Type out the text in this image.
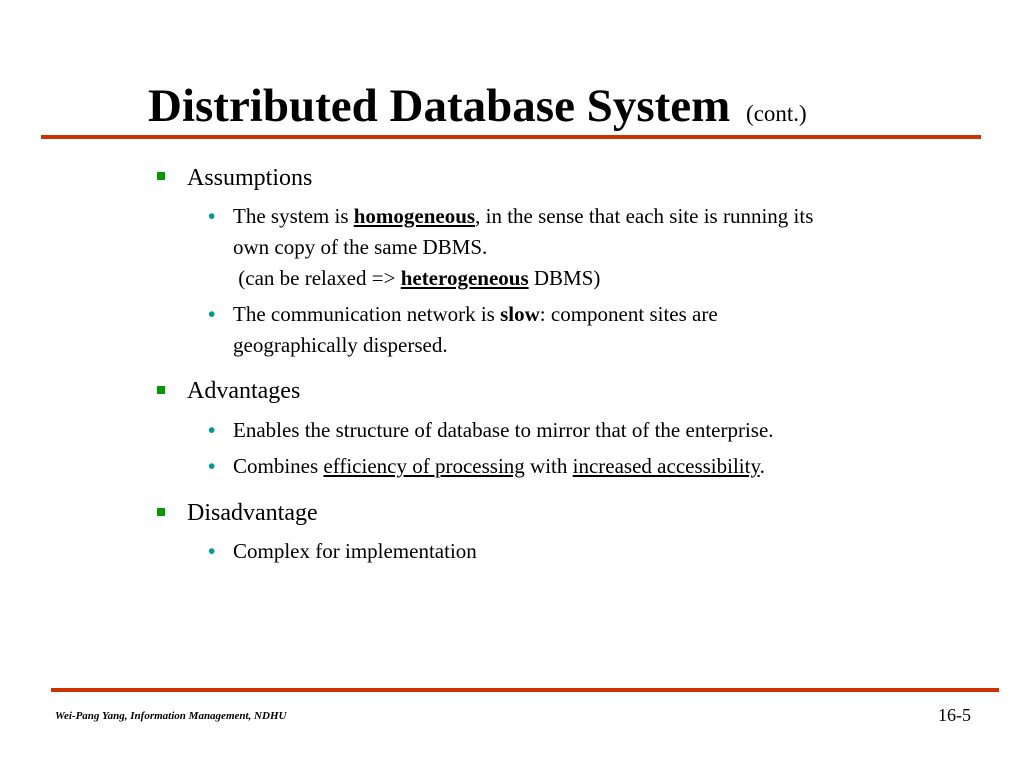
Distributed Database System (cont.)
Assumptions
• The system is homogeneous, in the sense that each site is running its
own copy of the same DBMS.
(can be relaxed => heterogeneous DBMS)
• The communication network is slow: component sites are
geographically dispersed.
Advantages
• Enables the structure of database to mirror that of the enterprise.
• Combines efficiency of processing with increased accessibility.
Disadvantage
• Complex for implementation
Wei-Pang Yang, Information Management, NDHU	16-5
